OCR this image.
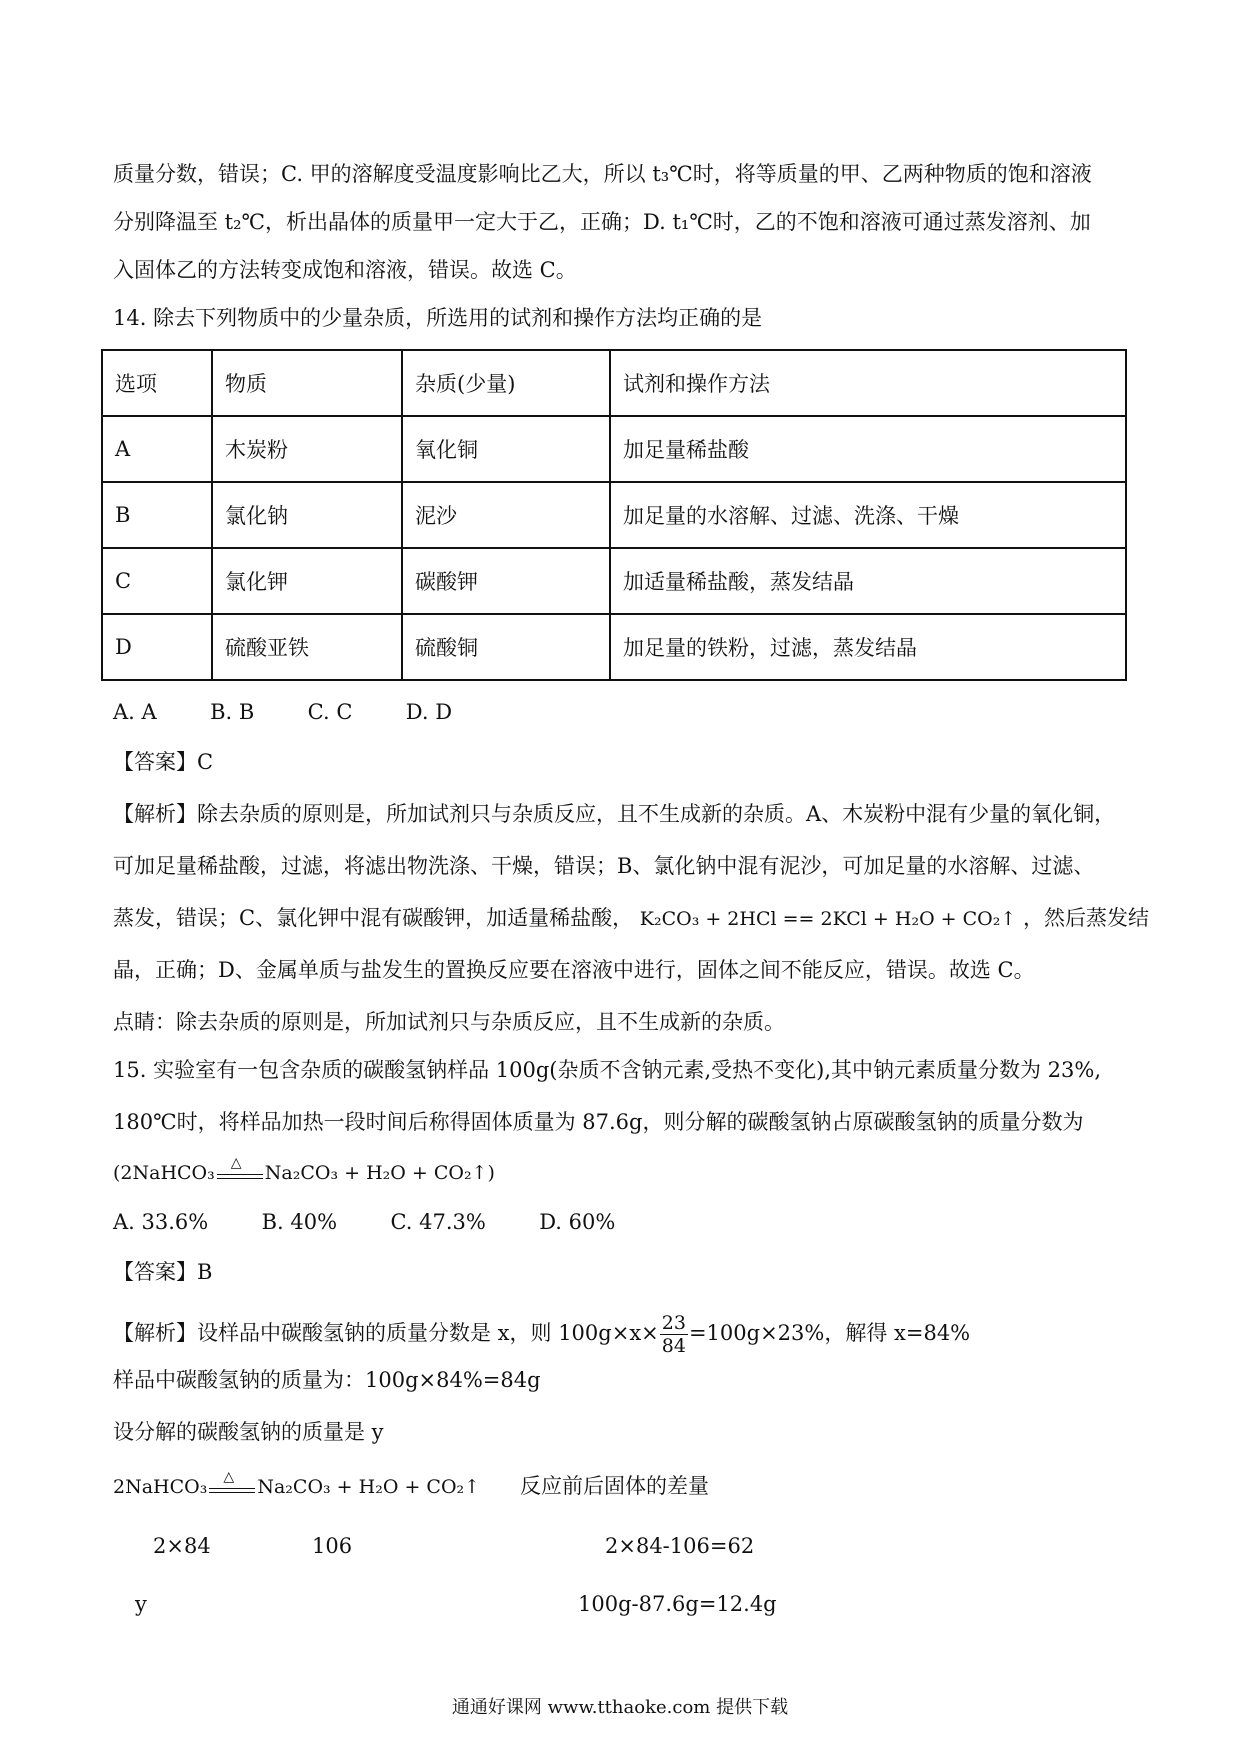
质量分数，错误；C. 甲的溶解度受温度影响比乙大，所以 t₃℃时，将等质量的甲、乙两种物质的饱和溶液
分别降温至 t₂℃，析出晶体的质量甲一定大于乙，正确；D. t₁℃时，乙的不饱和溶液可通过蒸发溶剂、加
入固体乙的方法转变成饱和溶液，错误。故选 C。
14. 除去下列物质中的少量杂质，所选用的试剂和操作方法均正确的是
选项	物质	杂质(少量)	试剂和操作方法
A	木炭粉	氧化铜	加足量稀盐酸
B	氯化钠	泥沙	加足量的水溶解、过滤、洗涤、干燥
C	氯化钾	碳酸钾	加适量稀盐酸，蒸发结晶
D	硫酸亚铁	硫酸铜	加足量的铁粉，过滤，蒸发结晶
A. A	B. B	C. C	D. D
【答案】C
【解析】除去杂质的原则是，所加试剂只与杂质反应，且不生成新的杂质。A、木炭粉中混有少量的氧化铜，
可加足量稀盐酸，过滤，将滤出物洗涤、干燥，错误；B、氯化钠中混有泥沙，可加足量的水溶解、过滤、
蒸发，错误；C、氯化钾中混有碳酸钾，加适量稀盐酸， K₂CO₃ + 2HCl == 2KCl + H₂O + CO₂↑ ，然后蒸发结
晶，正确；D、金属单质与盐发生的置换反应要在溶液中进行，固体之间不能反应，错误。故选 C。
点睛：除去杂质的原则是，所加试剂只与杂质反应，且不生成新的杂质。
15. 实验室有一包含杂质的碳酸氢钠样品 100g(杂质不含钠元素,受热不变化),其中钠元素质量分数为 23%,
180℃时，将样品加热一段时间后称得固体质量为 87.6g，则分解的碳酸氢钠占原碳酸氢钠的质量分数为
(2NaHCO₃ △ Na₂CO₃ + H₂O + CO₂↑)
A. 33.6%	B. 40%	C. 47.3%	D. 60%
【答案】B
【解析】设样品中碳酸氢钠的质量分数是 x，则 $100g\times x\times \frac{23}{84} =100g\times 23\%$，解得 x=84%
样品中碳酸氢钠的质量为：100g×84%=84g
设分解的碳酸氢钠的质量是 y
2NaHCO₃ △ Na₂CO₃ + H₂O + CO₂↑ 反应前后固体的差量
2×84	106	2×84-106=62
y	100g-87.6g=12.4g
通通好课网 www.tthaoke.com 提供下载
